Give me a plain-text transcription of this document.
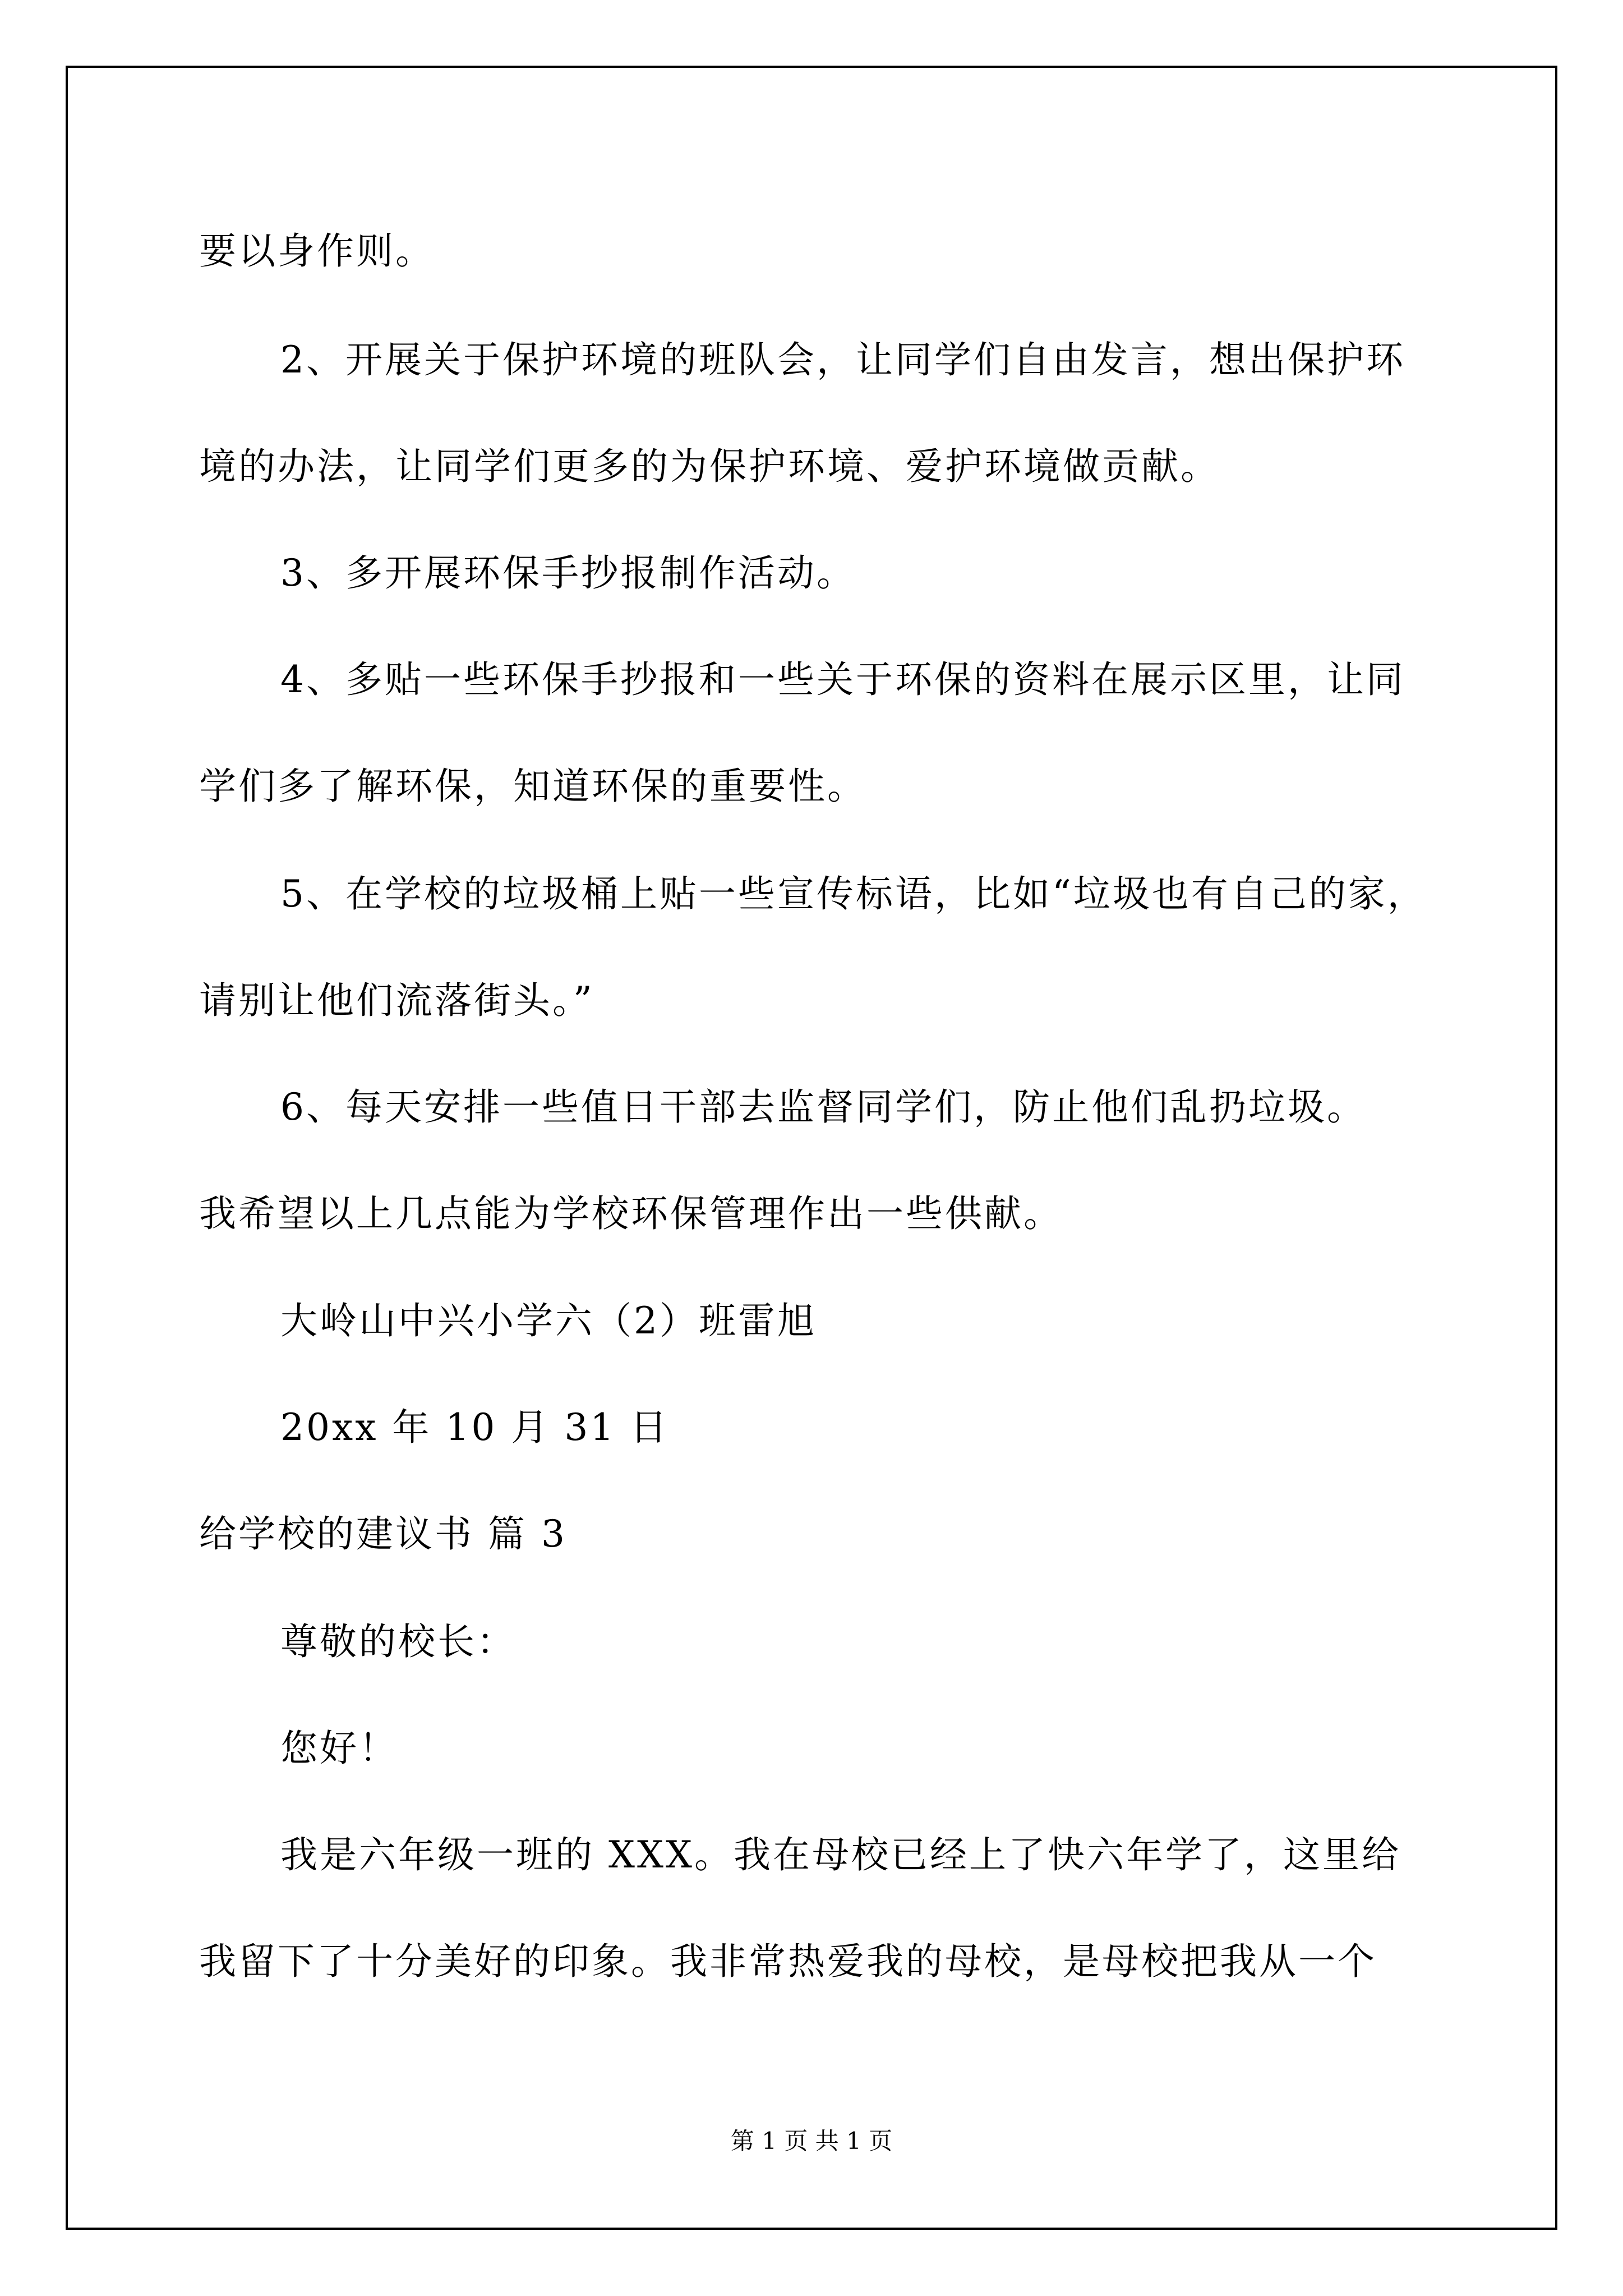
要以身作则。

2、开展关于保护环境的班队会，让同学们自由发言，想出保护环

境的办法，让同学们更多的为保护环境、爱护环境做贡献。

3、多开展环保手抄报制作活动。

4、多贴一些环保手抄报和一些关于环保的资料在展示区里，让同

学们多了解环保，知道环保的重要性。

5、在学校的垃圾桶上贴一些宣传标语，比如“垃圾也有自己的家，

请别让他们流落街头。”

6、每天安排一些值日干部去监督同学们，防止他们乱扔垃圾。

我希望以上几点能为学校环保管理作出一些供献。

大岭山中兴小学六（2）班雷旭

20xx 年 10 月 31 日

给学校的建议书 篇 3

尊敬的校长：

您好！

我是六年级一班的 XXX。我在母校已经上了快六年学了，这里给

我留下了十分美好的印象。我非常热爱我的母校，是母校把我从一个

第 1 页 共 1 页
